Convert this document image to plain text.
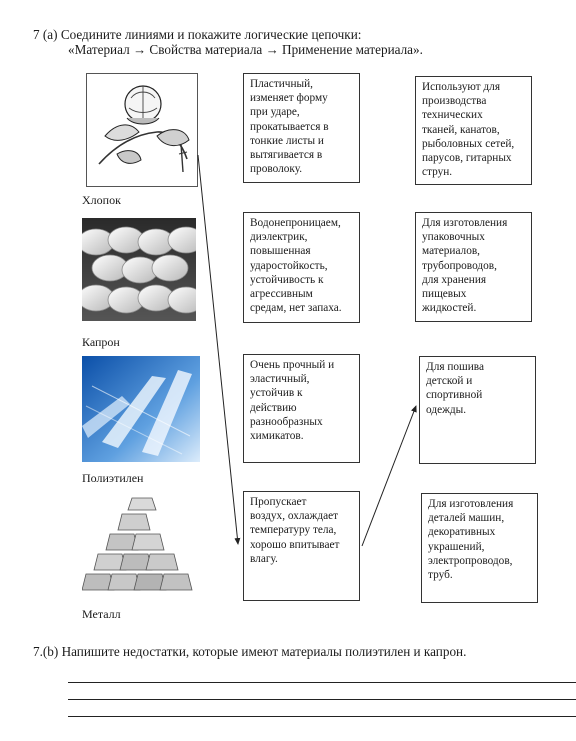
7 (a) Соедините линиями и покажите логические цепочки:
«Материал → Свойства материала → Применение материала».
Хлопок
Капрон
Полиэтилен
Металл
Пластичный,
изменяет форму
при ударе,
прокатывается в
тонкие листы и
вытягивается в
проволоку.
Водонепроницаем,
диэлектрик,
повышенная
ударостойкость,
устойчивость к
агрессивным
средам, нет запаха.
Очень прочный и
эластичный,
устойчив к
действию
разнообразных
химикатов.
Пропускает
воздух, охлаждает
температуру тела,
хорошо впитывает
влагу.
Используют для
производства
технических
тканей, канатов,
рыболовных сетей,
парусов, гитарных
струн.
Для изготовления
упаковочных
материалов,
трубопроводов,
для хранения
пищевых
жидкостей.
Для пошива
детской и
спортивной
одежды.
Для изготовления
деталей машин,
декоративных
украшений,
электропроводов,
труб.
7.(b) Напишите недостатки, которые имеют материалы полиэтилен и капрон.
